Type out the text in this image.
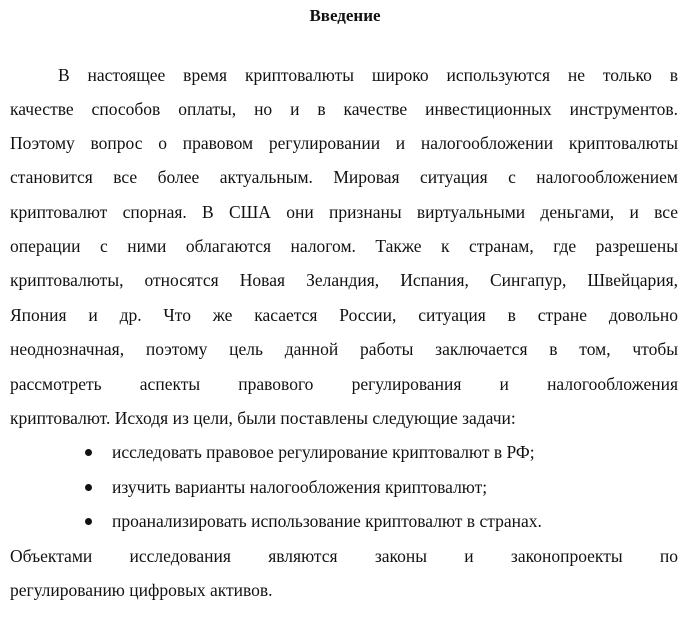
Введение
В настоящее время криптовалюты широко используются не только в
качестве способов оплаты, но и в качестве инвестиционных инструментов.
Поэтому вопрос о правовом регулировании и налогообложении криптовалюты
становится все более актуальным. Мировая ситуация с налогообложением
криптовалют спорная. В США они признаны виртуальными деньгами, и все
операции с ними облагаются налогом. Также к странам, где разрешены
криптовалюты, относятся Новая Зеландия, Испания, Сингапур, Швейцария,
Япония и др. Что же касается России, ситуация в стране довольно
неоднозначная, поэтому цель данной работы заключается в том, чтобы
рассмотреть аспекты правового регулирования и налогообложения
криптовалют. Исходя из цели, были поставлены следующие задачи:
исследовать правовое регулирование криптовалют в РФ;
изучить варианты налогообложения криптовалют;
проанализировать использование криптовалют в странах.
Объектами исследования являются законы и законопроекты по
регулированию цифровых активов.
